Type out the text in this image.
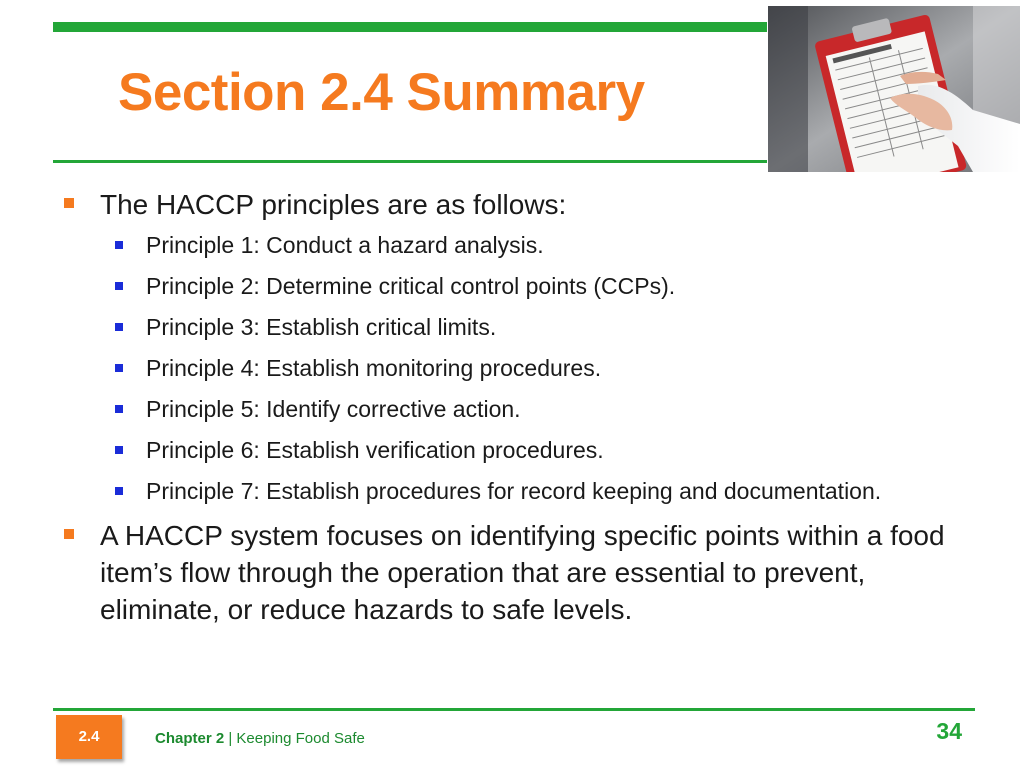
Section 2.4 Summary
The HACCP principles are as follows:
Principle 1: Conduct a hazard analysis.
Principle 2: Determine critical control points (CCPs).
Principle 3: Establish critical limits.
Principle 4: Establish monitoring procedures.
Principle 5: Identify corrective action.
Principle 6: Establish verification procedures.
Principle 7: Establish procedures for record keeping and documentation.
A HACCP system focuses on identifying specific points within a food item’s flow through the operation that are essential to prevent, eliminate, or reduce hazards to safe levels.
2.4	Chapter 2 | Keeping Food Safe	34
